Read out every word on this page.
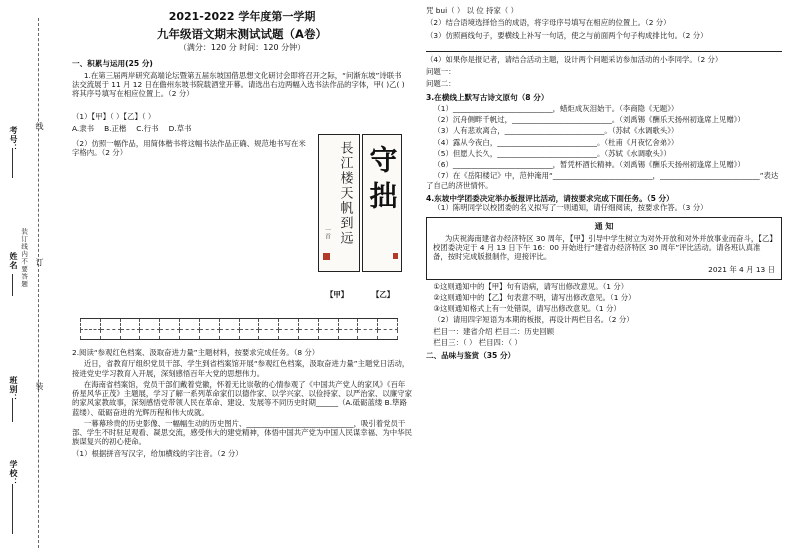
考号： 线
姓名 装订线内不要答题 订
班别： 装
学校：
2021-2022 学年度第一学期
九年级语文期末测试试题（A卷）
（满分：120 分 时间：120 分钟）
一、积累与运用(25 分)

1.在第三届两岸研究高端论坛暨第五届东坡国借思想文化研讨会即将召开之际，“问渐东坡”诗联书法交流展于 11 月 12 日在儋州东坡书院载酒堂开幕。请选出右边两幅入选书法作品的字体，甲( )乙( )将其序号填写在相应位置上。（2 分）

（1）【甲】（ ）【乙】（ ）
A.隶书 B.正楷 C.行书 D.草书

（2）仿照一幅作品，用简体楷书将这幅书法作品正确、规范地书写在米字格内。（2 分）	長江楼天帆到远
一首
守拙
【甲】	【乙】

2.阅读“参观红色档案、汲取奋进力量”主题材料，按要求完成任务。（8 分）

近日，省教育厅组织党员干部、学生到省档案馆开展“参观红色档案，汲取奋进力量”主题党日活动，接进党史学习教育入开展，深刻感悟百年大党的思想伟力。

在海南省档案馆，党员干部们戴着党徽，怀着无比崇敬的心情参观了《中国共产党人的家风》《百年侨星风华正茂》主题展，学习了解一系列革命家们以德作家、以学兴家、以俭持家、以严治家、以廉守家的家风家教故事，深刻感悟党带领人民在革命、建设、发展等不同历史时期______（A.砥砺蓝缕 B.筚路蓝缕）、砥砺奋进的光辉历程和伟大成就。

一幕幕珍贵的历史影像、一幅幅生动的历史图片、_____________________________，吸引着党员干部、学生不时驻足观看、凝思交流，感受伟大的建党精神，体悟中国共产党为中国人民谋幸福、为中华民族谋复兴的初心使命。

（1）根据拼音写汉字，给加横线的字注音。（2 分）

咒 bui（ ） 以 位 持家（ ）

（2）结合语境选择恰当的成语，将字母序号填写在相应的位置上。（2 分）

（3）仿照画线句子，要横线上补写一句话，使之与前面两个句子构成排比句。（2 分）

（4）如果你是报记者，请结合活动主题，设计两个问题采访参加活动的小李同学。（2 分）

问题一：
问题二：
3.在横线上默写古诗文原句（8 分）
（1）___________________________，蜡炬成灰泪始干。（李商隐《无题》）
（2）沉舟侧畔千帆过，___________________________。（刘禹锡《酬乐天扬州初逢席上见赠》）
（3）人有悲欢离合，___________________________。（苏轼《水调歌头》）
（4）露从今夜白，___________________________。（杜甫《月夜忆舍弟》）
（5）但愿人长久，___________________________。（苏轼《水调歌头》）
（6）___________________________，暂凭杯酒长精神。（刘禹锡《酬乐天扬州初逢席上见赠》）
（7）在《岳阳楼记》中，范仲淹用“___________________________，___________________________”表达了自己的济世情怀。
4.东坡中学团委决定举办板报评比活动，请按要求完成下面任务。（5 分）
（1）陈明同学以校团委的名义拟写了一则通知，请仔细阅读，按要求作答。（3 分）
通 知

为庆祝海南建省办经济特区 30 周年，【甲】引导中学生树立为对外开放和对外并放事业而奋斗，【乙】校团委决定于 4 月 13 日下午 16：00 开始进行“建省办经济特区 30 周年”评比活动。请各班认真准备，按时完成版报制作，迎接评比。

2021 年 4 月 13 日
①这则通知中的【甲】句有语病，请写出修改意见。（1 分）
②这则通知中的【乙】句表意不明，请写出修改意见。（1 分）
③这则通知格式上有一处错误，请写出修改意见。（1 分）
（2）请用四字短语为本期的板报，再设计两栏目名。（2 分）
栏目一：建省介绍 栏目二：历史回顾
栏目三：（ ） 栏目四：（ ）
二、品味与鉴赏（35 分）
